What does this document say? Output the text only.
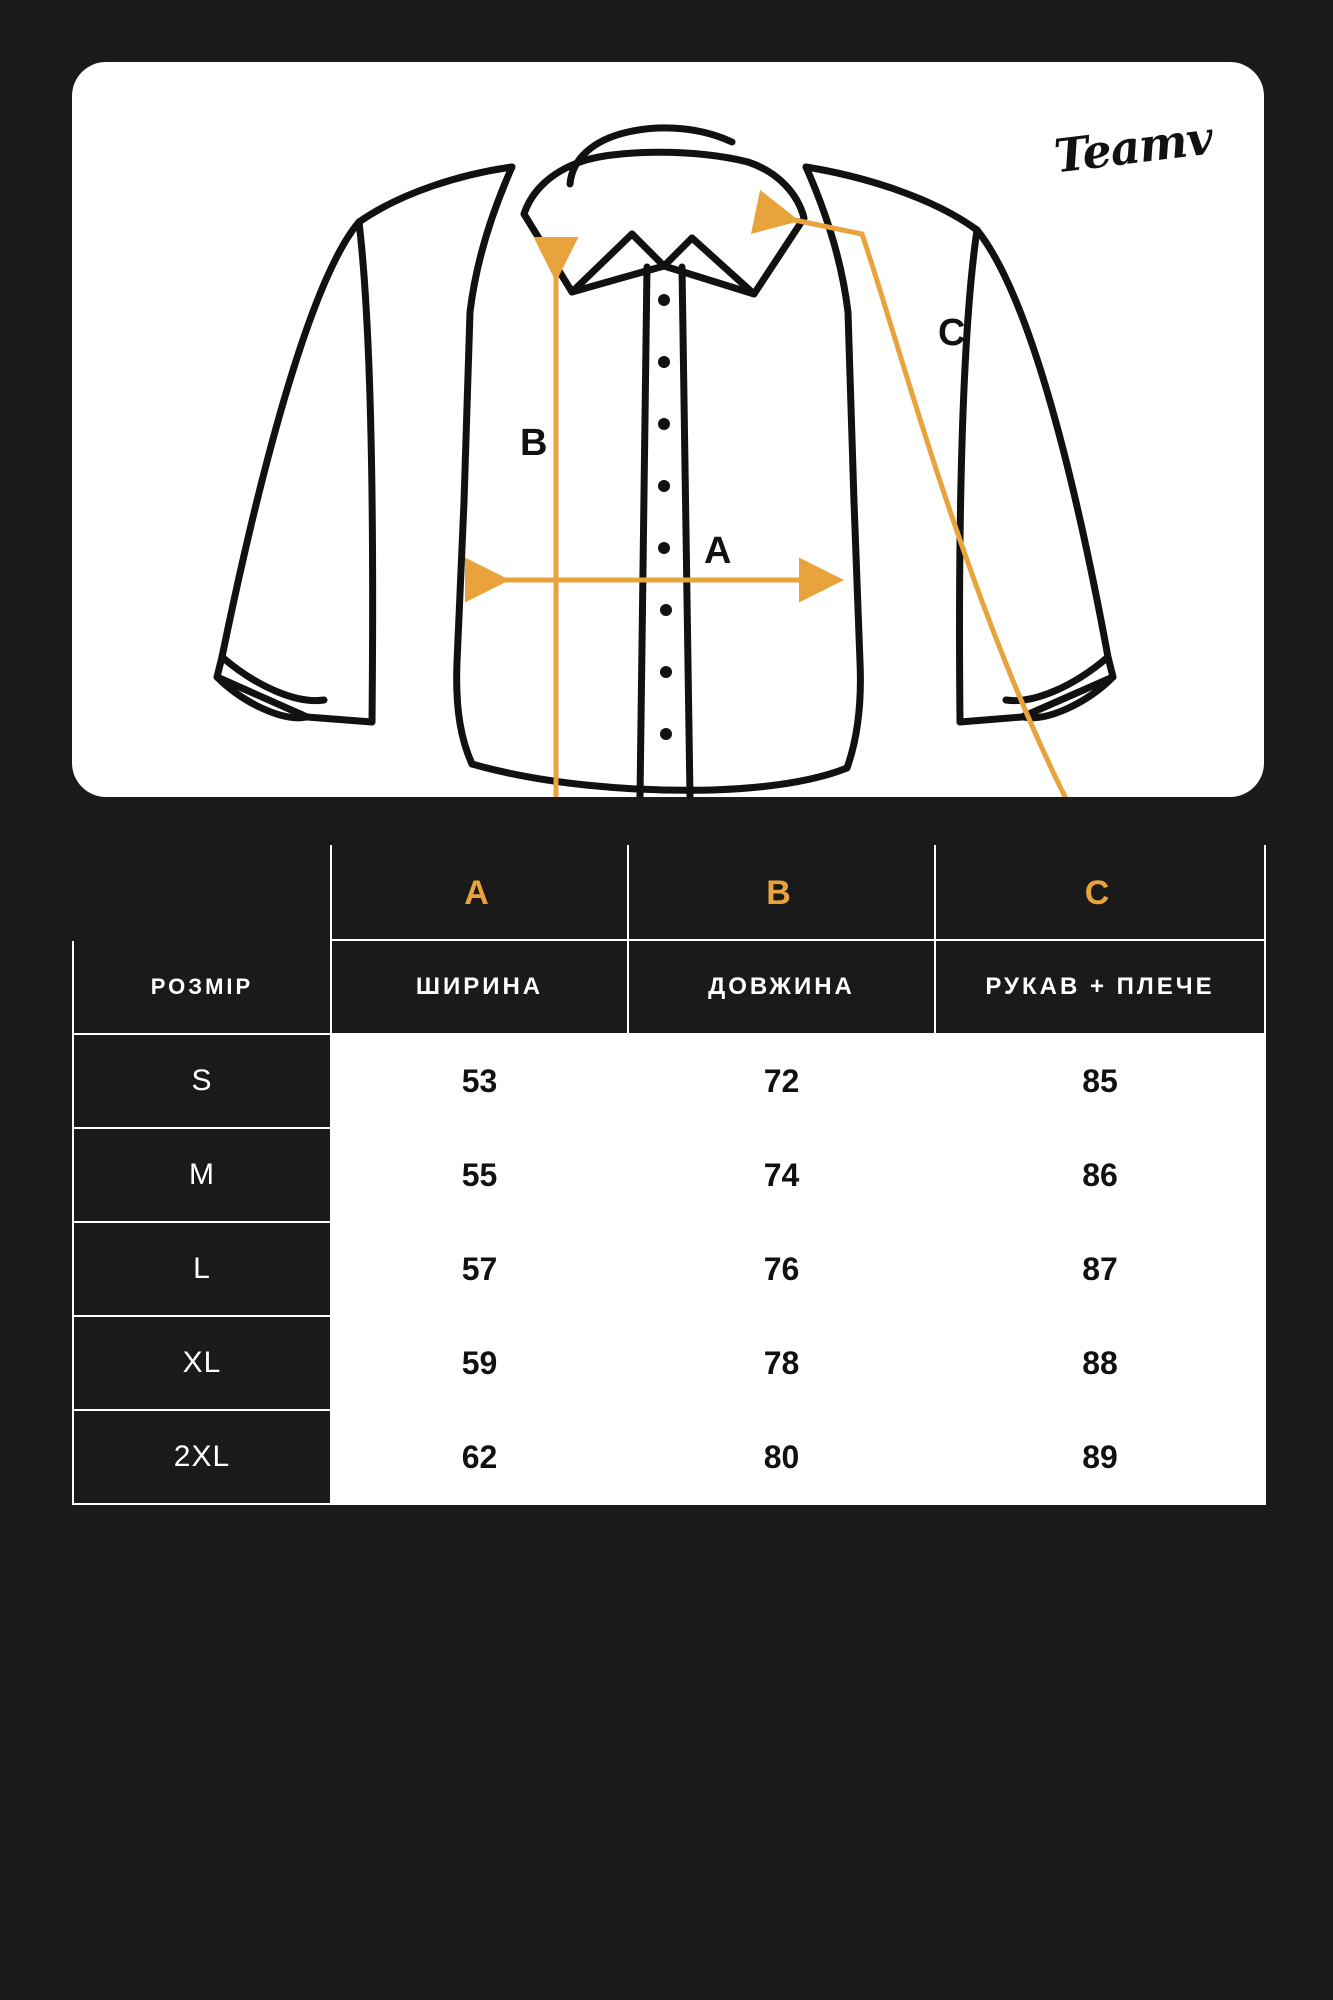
B
A
C
Teamv
	A	B	C
РОЗМІР	ШИРИНА	ДОВЖИНА	РУКАВ + ПЛЕЧЕ
S	53	72	85
M	55	74	86
L	57	76	87
XL	59	78	88
2XL	62	80	89
